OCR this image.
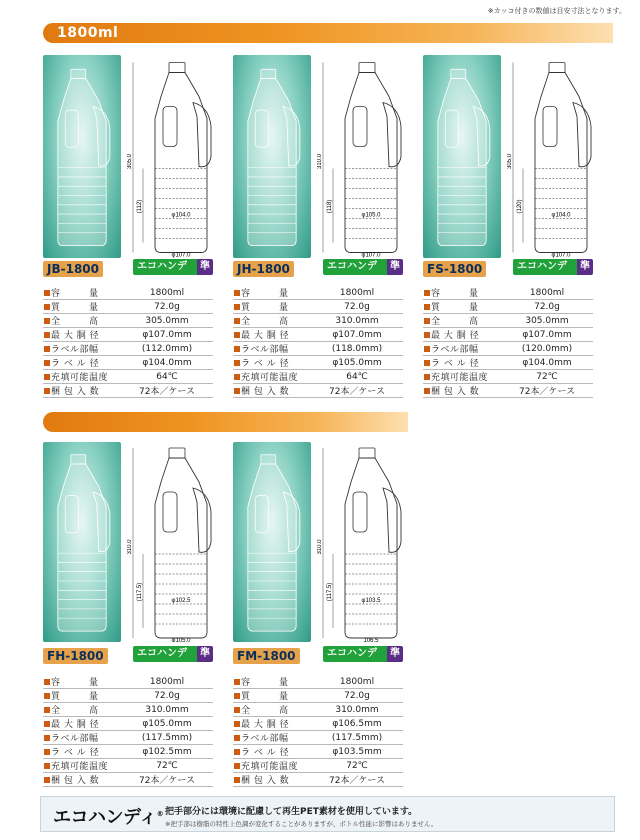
※カッコ付きの数値は目安寸法となります。
1800ml
305.0
(112)
φ104.0
φ107.0
JB-1800	エコハンディ
準
	容　　　量	1800ml

	質　　　量	72.0g

	全　　　高	305.0mm

	最 大 胴 径	φ107.0mm

	ラベル部幅	(112.0mm)

	ラ ベ ル 径	φ104.0mm

	充填可能温度	64℃

	梱 包 入 数	72本／ケース
310.0
(118)
φ105.0
φ107.0
JH-1800	エコハンディ
準
	容　　　量	1800ml

	質　　　量	72.0g

	全　　　高	310.0mm

	最 大 胴 径	φ107.0mm

	ラベル部幅	(118.0mm)

	ラ ベ ル 径	φ105.0mm

	充填可能温度	64℃

	梱 包 入 数	72本／ケース
305.0
(120)
φ104.0
φ107.0
FS-1800	エコハンディ
準
	容　　　量	1800ml

	質　　　量	72.0g

	全　　　高	305.0mm

	最 大 胴 径	φ107.0mm

	ラベル部幅	(120.0mm)

	ラ ベ ル 径	φ104.0mm

	充填可能温度	72℃

	梱 包 入 数	72本／ケース
310.0
(117.5)	φ102.5
φ105.0
FH-1800	エコハンディ
準
	容　　　量	1800ml

	質　　　量	72.0g

	全　　　高	310.0mm

	最 大 胴 径	φ105.0mm

	ラベル部幅	(117.5mm)

	ラ ベ ル 径	φ102.5mm

	充填可能温度	72℃

	梱 包 入 数	72本／ケース
310.0
(117.5)	φ103.5
106.5
FM-1800	エコハンディ
準
	容　　　量	1800ml

	質　　　量	72.0g

	全　　　高	310.0mm

	最 大 胴 径	φ106.5mm

	ラベル部幅	(117.5mm)

	ラ ベ ル 径	φ103.5mm

	充填可能温度	72℃

	梱 包 入 数	72本／ケース
エコハンディ® 把手部分には環境に配慮して再生PET素材を使用しています。
※把手部は樹脂の特性上色調が変化することがありますが、ボトル性能に影響はありません。
